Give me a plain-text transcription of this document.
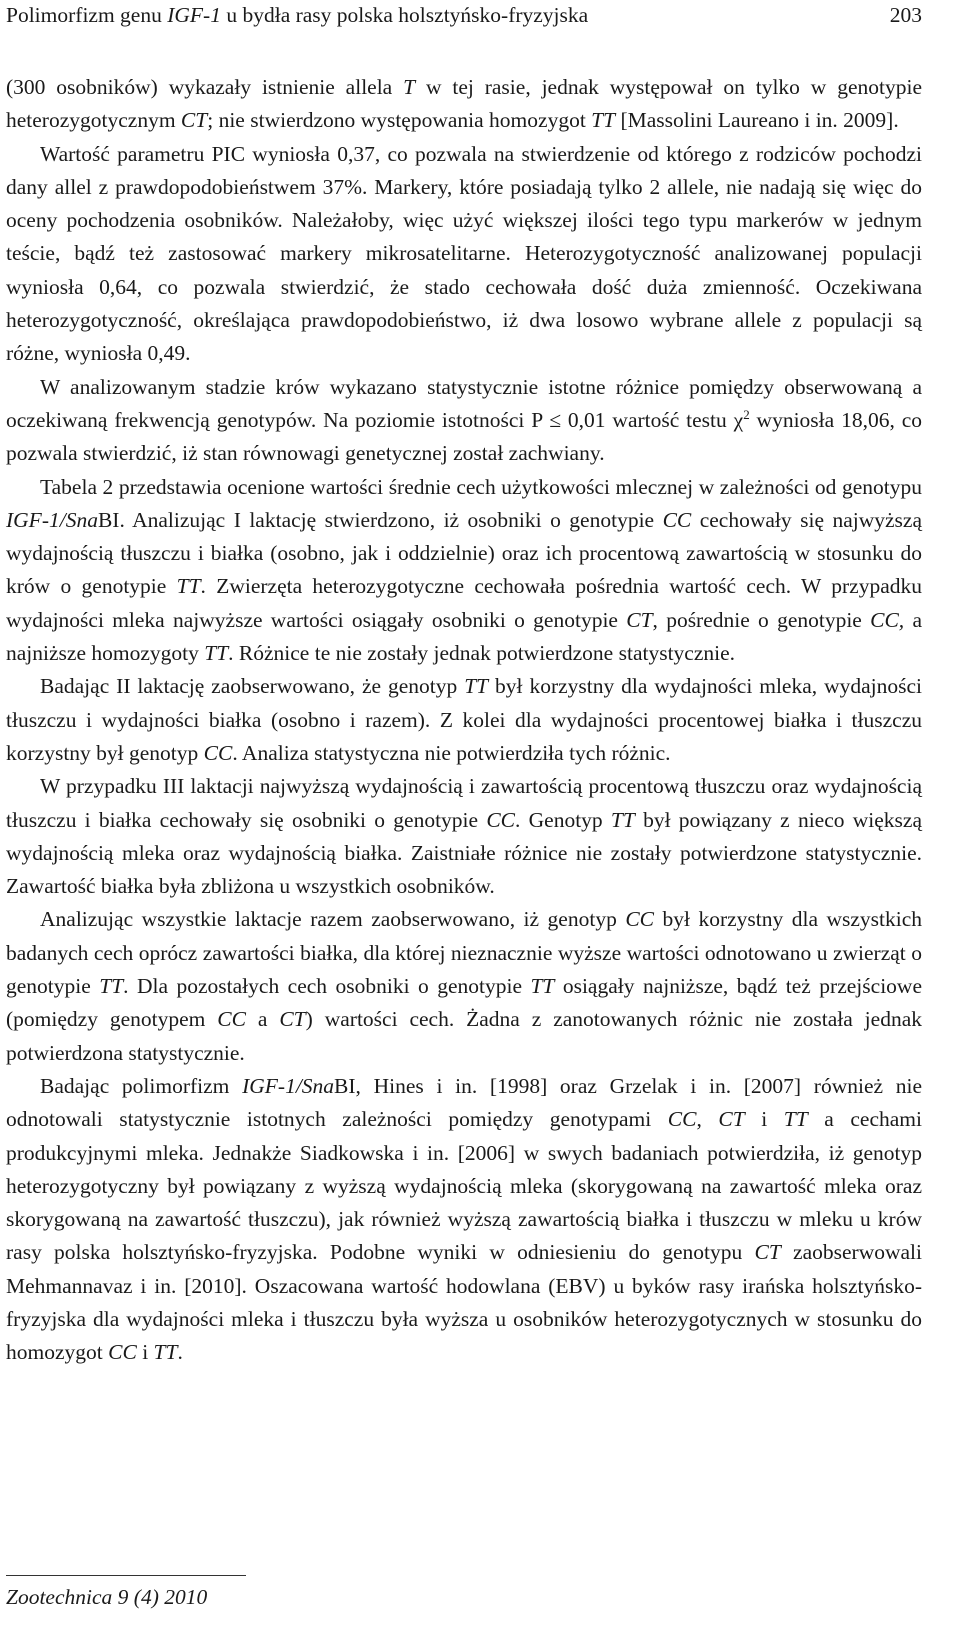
Polimorfizm genu IGF-1 u bydła rasy polska holsztyńsko-fryzyjska	203

(300 osobników) wykazały istnienie allela T w tej rasie, jednak występował on tylko w genotypie heterozygotycznym CT; nie stwierdzono występowania homozygot TT [Massolini Laureano i in. 2009].

Wartość parametru PIC wyniosła 0,37, co pozwala na stwierdzenie od którego z rodziców pochodzi dany allel z prawdopodobieństwem 37%. Markery, które posiadają tylko 2 allele, nie nadają się więc do oceny pochodzenia osobników. Należałoby, więc użyć większej ilości tego typu markerów w jednym teście, bądź też zastosować markery mikrosatelitarne. Heterozygotyczność analizowanej populacji wyniosła 0,64, co pozwala stwierdzić, że stado cechowała dość duża zmienność. Oczekiwana heterozygotyczność, określająca prawdopodobieństwo, iż dwa losowo wybrane allele z populacji są różne, wyniosła 0,49.

W analizowanym stadzie krów wykazano statystycznie istotne różnice pomiędzy obserwowaną a oczekiwaną frekwencją genotypów. Na poziomie istotności P ≤ 0,01 wartość testu $\chi^2$ wyniosła 18,06, co pozwala stwierdzić, iż stan równowagi genetycznej został zachwiany.

Tabela 2 przedstawia ocenione wartości średnie cech użytkowości mlecznej w zależności od genotypu IGF-1/SnaBI. Analizując I laktację stwierdzono, iż osobniki o genotypie CC cechowały się najwyższą wydajnością tłuszczu i białka (osobno, jak i oddzielnie) oraz ich procentową zawartością w stosunku do krów o genotypie TT. Zwierzęta heterozygotyczne cechowała pośrednia wartość cech. W przypadku wydajności mleka najwyższe wartości osiągały osobniki o genotypie CT, pośrednie o genotypie CC, a najniższe homozygoty TT. Różnice te nie zostały jednak potwierdzone statystycznie.

Badając II laktację zaobserwowano, że genotyp TT był korzystny dla wydajności mleka, wydajności tłuszczu i wydajności białka (osobno i razem). Z kolei dla wydajności procentowej białka i tłuszczu korzystny był genotyp CC. Analiza statystyczna nie potwierdziła tych różnic.

W przypadku III laktacji najwyższą wydajnością i zawartością procentową tłuszczu oraz wydajnością tłuszczu i białka cechowały się osobniki o genotypie CC. Genotyp TT był powiązany z nieco większą wydajnością mleka oraz wydajnością białka. Zaistniałe różnice nie zostały potwierdzone statystycznie. Zawartość białka była zbliżona u wszystkich osobników.

Analizując wszystkie laktacje razem zaobserwowano, iż genotyp CC był korzystny dla wszystkich badanych cech oprócz zawartości białka, dla której nieznacznie wyższe wartości odnotowano u zwierząt o genotypie TT. Dla pozostałych cech osobniki o genotypie TT osiągały najniższe, bądź też przejściowe (pomiędzy genotypem CC a CT) wartości cech. Żadna z zanotowanych różnic nie została jednak potwierdzona statystycznie.

Badając polimorfizm IGF-1/SnaBI, Hines i in. [1998] oraz Grzelak i in. [2007] również nie odnotowali statystycznie istotnych zależności pomiędzy genotypami CC, CT i TT a cechami produkcyjnymi mleka. Jednakże Siadkowska i in. [2006] w swych badaniach potwierdziła, iż genotyp heterozygotyczny był powiązany z wyższą wydajnością mleka (skorygowaną na zawartość mleka oraz skorygowaną na zawartość tłuszczu), jak również wyższą zawartością białka i tłuszczu w mleku u krów rasy polska holsztyńsko-fryzyjska. Podobne wyniki w odniesieniu do genotypu CT zaobserwowali Mehmannavaz i in. [2010]. Oszacowana wartość hodowlana (EBV) u byków rasy irańska holsztyńsko-fryzyjska dla wydajności mleka i tłuszczu była wyższa u osobników heterozygotycznych w stosunku do homozygot CC i TT.

Zootechnica 9 (4) 2010
